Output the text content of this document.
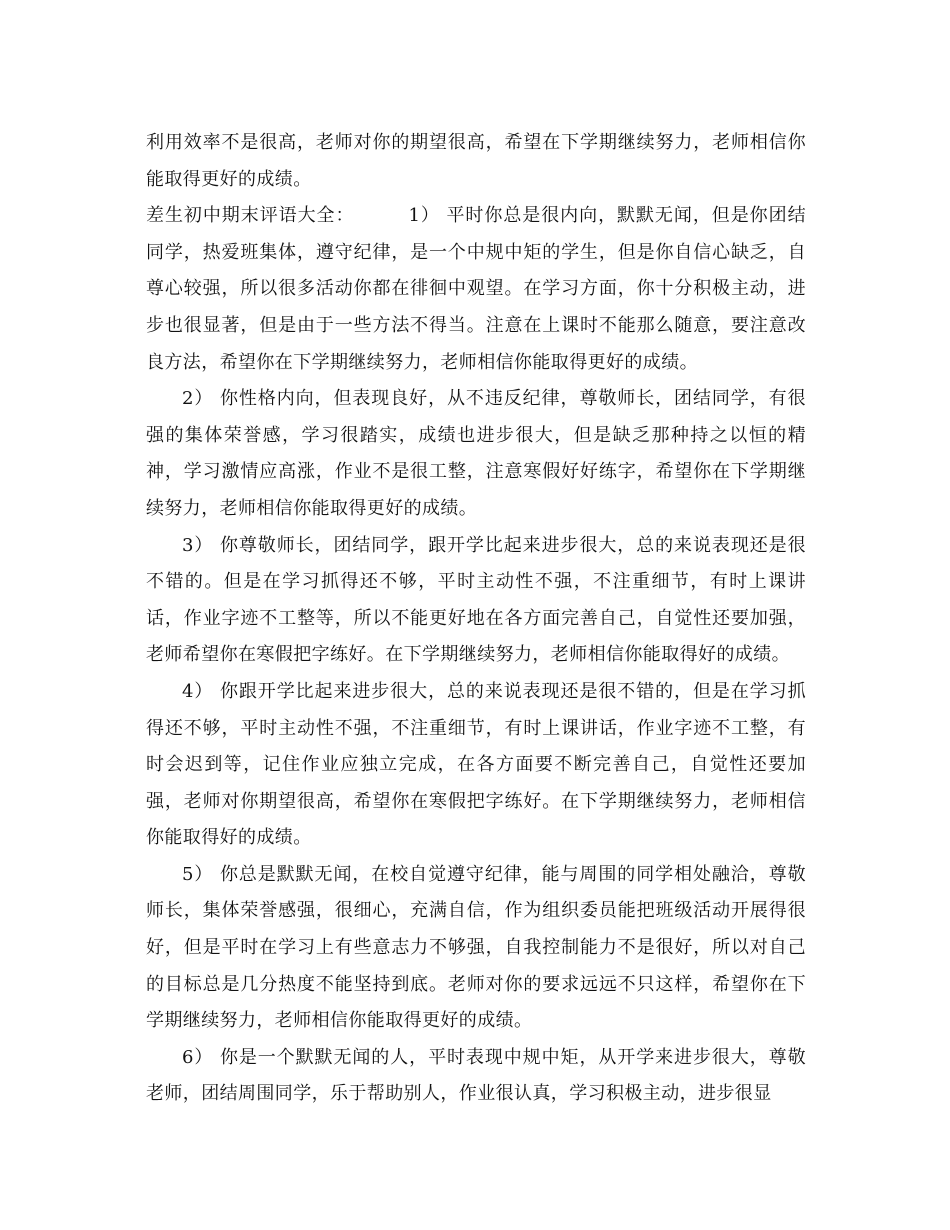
利用效率不是很高，老师对你的期望很高，希望在下学期继续努力，老师相信你能取得更好的成绩。

差生初中期末评语大全：	1） 平时你总是很内向，默默无闻，但是你团结同学，热爱班集体，遵守纪律，是一个中规中矩的学生，但是你自信心缺乏，自尊心较强，所以很多活动你都在徘徊中观望。在学习方面，你十分积极主动，进步也很显著，但是由于一些方法不得当。注意在上课时不能那么随意，要注意改良方法，希望你在下学期继续努力，老师相信你能取得更好的成绩。

2） 你性格内向，但表现良好，从不违反纪律，尊敬师长，团结同学，有很强的集体荣誉感，学习很踏实，成绩也进步很大，但是缺乏那种持之以恒的精神，学习激情应高涨，作业不是很工整，注意寒假好好练字，希望你在下学期继续努力，老师相信你能取得更好的成绩。

3） 你尊敬师长，团结同学，跟开学比起来进步很大，总的来说表现还是很不错的。但是在学习抓得还不够，平时主动性不强，不注重细节，有时上课讲话，作业字迹不工整等，所以不能更好地在各方面完善自己，自觉性还要加强，老师希望你在寒假把字练好。在下学期继续努力，老师相信你能取得好的成绩。

4） 你跟开学比起来进步很大，总的来说表现还是很不错的，但是在学习抓得还不够，平时主动性不强，不注重细节，有时上课讲话，作业字迹不工整，有时会迟到等，记住作业应独立完成，在各方面要不断完善自己，自觉性还要加强，老师对你期望很高，希望你在寒假把字练好。在下学期继续努力，老师相信你能取得好的成绩。

5） 你总是默默无闻，在校自觉遵守纪律，能与周围的同学相处融洽，尊敬师长，集体荣誉感强，很细心，充满自信，作为组织委员能把班级活动开展得很好，但是平时在学习上有些意志力不够强，自我控制能力不是很好，所以对自己的目标总是几分热度不能坚持到底。老师对你的要求远远不只这样，希望你在下学期继续努力，老师相信你能取得更好的成绩。

6） 你是一个默默无闻的人，平时表现中规中矩，从开学来进步很大，尊敬老师，团结周围同学，乐于帮助别人，作业很认真，学习积极主动，进步很显
